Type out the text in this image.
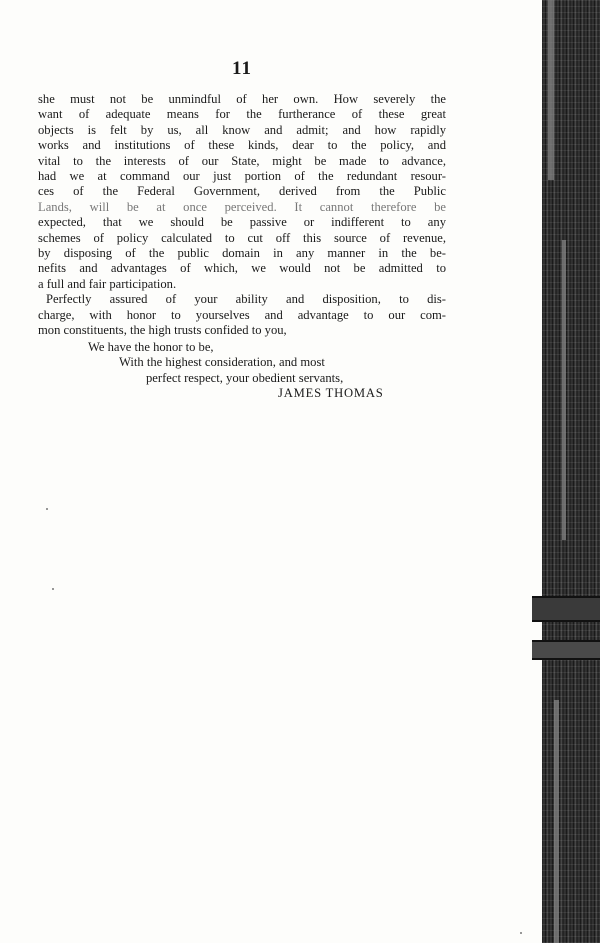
11
she must not be unmindful of her own. How severely the
want of adequate means for the furtherance of these great
objects is felt by us, all know and admit; and how rapidly
works and institutions of these kinds, dear to the policy, and
vital to the interests of our State, might be made to advance,
had we at command our just portion of the redundant resour-
ces of the Federal Government, derived from the Public
Lands, will be at once perceived. It cannot therefore be
expected, that we should be passive or indifferent to any
schemes of policy calculated to cut off this source of revenue,
by disposing of the public domain in any manner in the be-
nefits and advantages of which, we would not be admitted to
a full and fair participation.
Perfectly assured of your ability and disposition, to dis-
charge, with honor to yourselves and advantage to our com-
mon constituents, the high trusts confided to you,
We have the honor to be,
With the highest consideration, and most
perfect respect, your obedient servants,
JAMES THOMAS
